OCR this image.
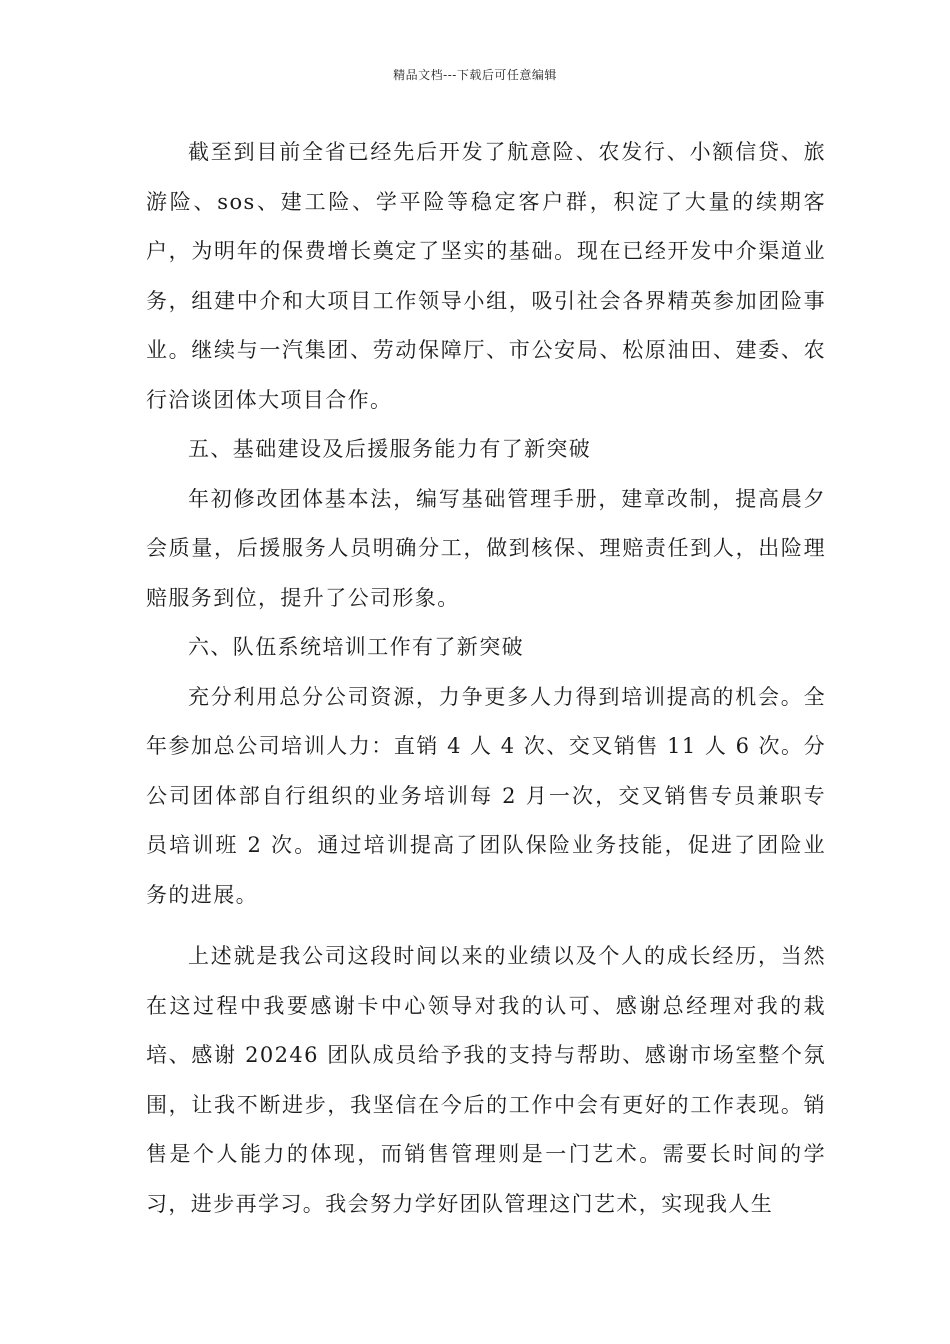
精品文档---下载后可任意编辑

截至到目前全省已经先后开发了航意险、农发行、小额信贷、旅游险、sos、建工险、学平险等稳定客户群，积淀了大量的续期客户，为明年的保费增长奠定了坚实的基础。现在已经开发中介渠道业务，组建中介和大项目工作领导小组，吸引社会各界精英参加团险事业。继续与一汽集团、劳动保障厅、市公安局、松原油田、建委、农行洽谈团体大项目合作。

五、基础建设及后援服务能力有了新突破

年初修改团体基本法，编写基础管理手册，建章改制，提高晨夕会质量，后援服务人员明确分工，做到核保、理赔责任到人，出险理赔服务到位，提升了公司形象。

六、队伍系统培训工作有了新突破

充分利用总分公司资源，力争更多人力得到培训提高的机会。全年参加总公司培训人力：直销 4 人 4 次、交叉销售 11 人 6 次。分公司团体部自行组织的业务培训每 2 月一次，交叉销售专员兼职专员培训班 2 次。通过培训提高了团队保险业务技能，促进了团险业务的进展。

上述就是我公司这段时间以来的业绩以及个人的成长经历，当然在这过程中我要感谢卡中心领导对我的认可、感谢总经理对我的栽培、感谢 20246 团队成员给予我的支持与帮助、感谢市场室整个氛围，让我不断进步，我坚信在今后的工作中会有更好的工作表现。销售是个人能力的体现，而销售管理则是一门艺术。需要长时间的学习，进步再学习。我会努力学好团队管理这门艺术，实现我人生
